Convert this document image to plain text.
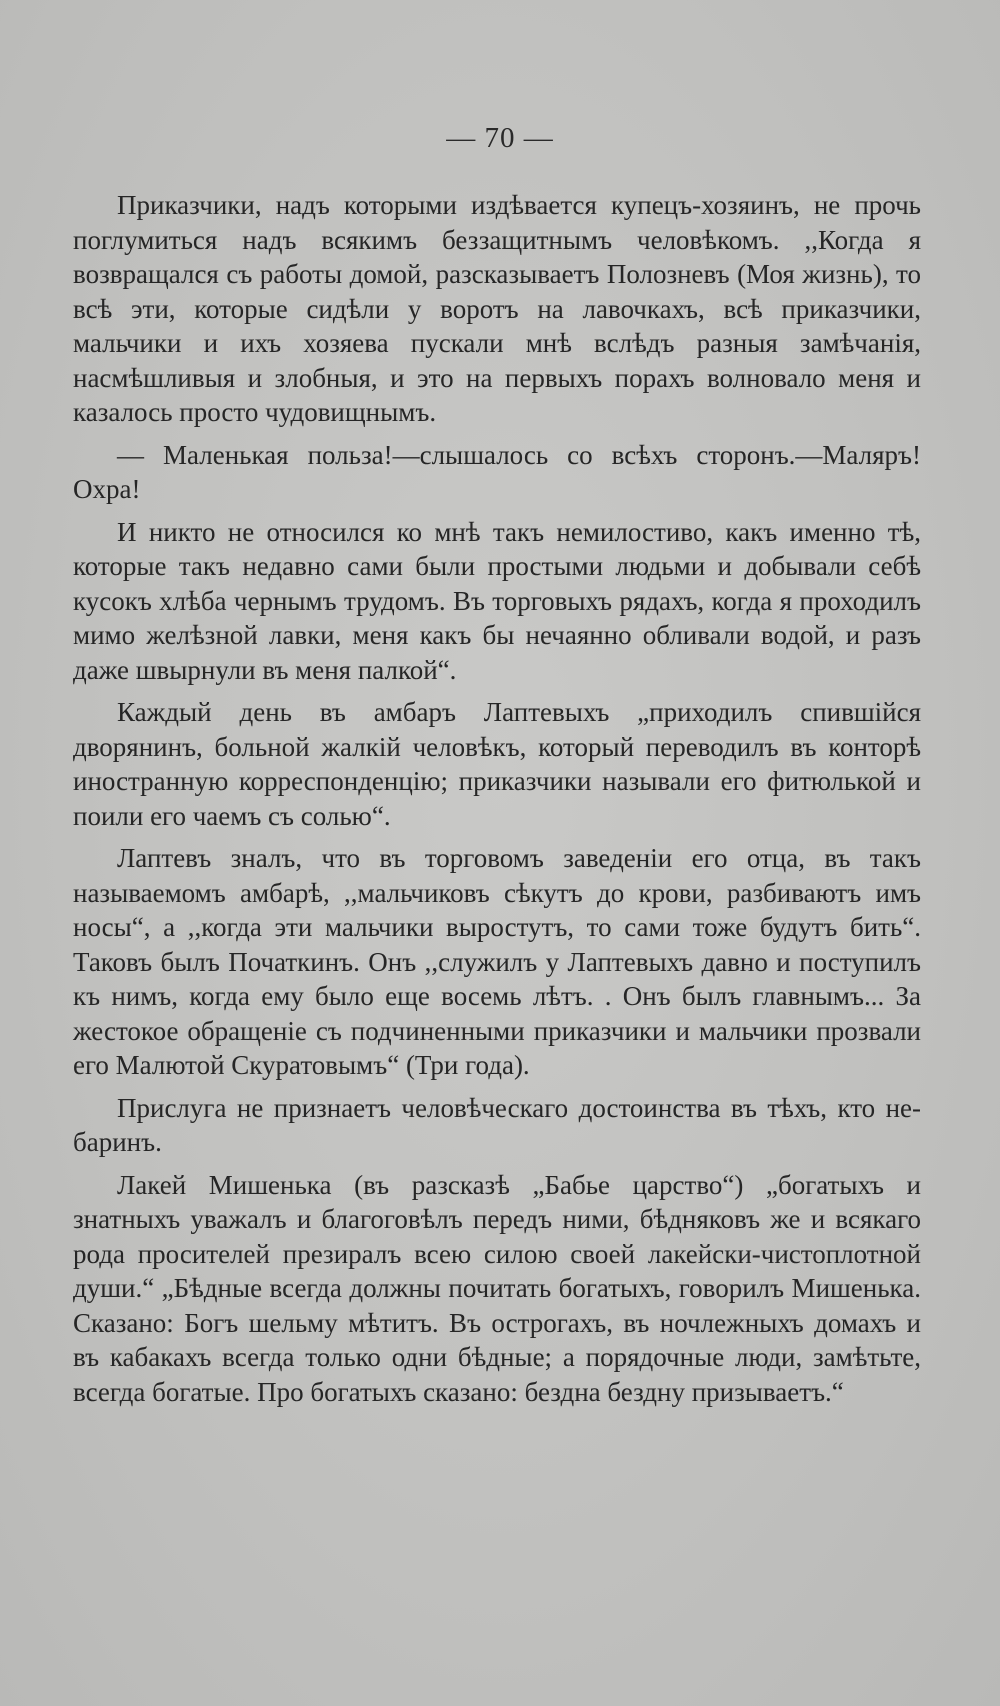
— 70 —

Приказчики, надъ которыми издѣвается купецъ-хозяинъ, не прочь поглумиться надъ всякимъ беззащитнымъ человѣкомъ. ,,Когда я возвращался съ работы домой, разсказываетъ Полозневъ (Моя жизнь), то всѣ эти, которые сидѣли у воротъ на лавочкахъ, всѣ приказчики, мальчики и ихъ хозяева пускали мнѣ вслѣдъ разныя замѣчанія, насмѣшливыя и злобныя, и это на первыхъ порахъ волновало меня и казалось просто чудовищнымъ.

— Маленькая польза!—слышалось со всѣхъ сторонъ.—Маляръ! Охра!

И никто не относился ко мнѣ такъ немилостиво, какъ именно тѣ, которые такъ недавно сами были простыми людьми и добывали себѣ кусокъ хлѣба чернымъ трудомъ. Въ торговыхъ рядахъ, когда я проходилъ мимо желѣзной лавки, меня какъ бы нечаянно обливали водой, и разъ даже швырнули въ меня палкой“.

Каждый день въ амбаръ Лаптевыхъ „приходилъ спившійся дворянинъ, больной жалкій человѣкъ, который переводилъ въ конторѣ иностранную корреспонденцію; приказчики называли его фитюлькой и поили его чаемъ съ солью“.

Лаптевъ зналъ, что въ торговомъ заведеніи его отца, въ такъ называемомъ амбарѣ, ,,мальчиковъ сѣкутъ до крови, разбиваютъ имъ носы“, а ,,когда эти мальчики выростутъ, то сами тоже будутъ бить“. Таковъ былъ Початкинъ. Онъ ,,служилъ у Лаптевыхъ давно и поступилъ къ нимъ, когда ему было еще восемь лѣтъ. . Онъ былъ главнымъ... За жестокое обращеніе съ подчиненными приказчики и мальчики прозвали его Малютой Скуратовымъ“ (Три года).

Прислуга не признаетъ человѣческаго достоинства въ тѣхъ, кто не-баринъ.

Лакей Мишенька (въ разсказѣ „Бабье царство“) „богатыхъ и знатныхъ уважалъ и благоговѣлъ передъ ними, бѣдняковъ же и всякаго рода просителей презиралъ всею силою своей лакейски-чистоплотной души.“ „Бѣдные всегда должны почитать богатыхъ, говорилъ Мишенька. Сказано: Богъ шельму мѣтитъ. Въ острогахъ, въ ночлежныхъ домахъ и въ кабакахъ всегда только одни бѣдные; а порядочные люди, замѣтьте, всегда богатые. Про богатыхъ сказано: бездна бездну призываетъ.“
